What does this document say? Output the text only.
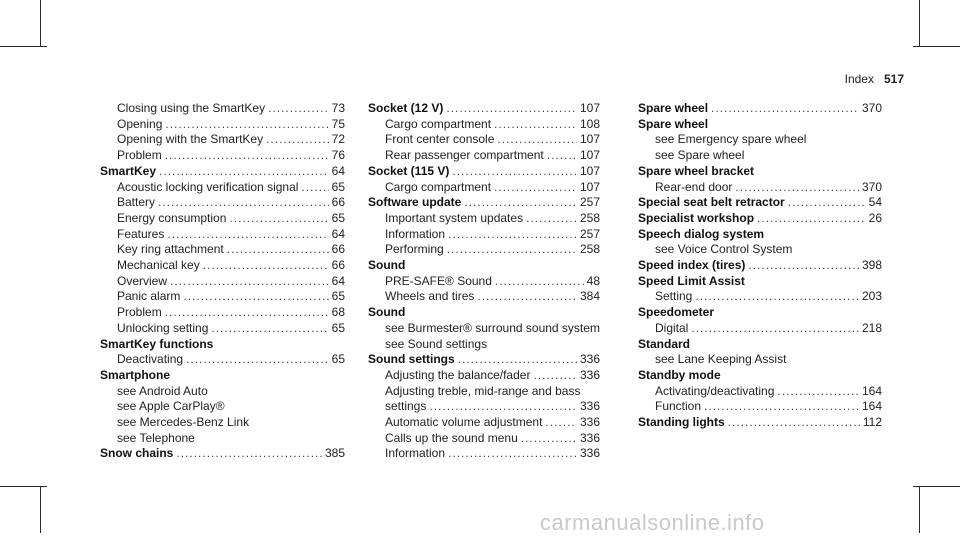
Index 517
Closing using the SmartKey .....	73
Opening .....	75
Opening with the SmartKey .....	72
Problem .....	76
SmartKey .....	64
Acoustic locking verification signal .....	65
Battery .....	66
Energy consumption .....	65
Features .....	64
Key ring attachment .....	66
Mechanical key .....	66
Overview .....	64
Panic alarm .....	65
Problem .....	68
Unlocking setting .....	65
SmartKey functions
Deactivating .....	65
Smartphone
see Android Auto
see Apple CarPlay®
see Mercedes-Benz Link
see Telephone
Snow chains .....	385
Socket (12 V) .....	107
Cargo compartment .....	108
Front center console .....	107
Rear passenger compartment .....	107
Socket (115 V) .....	107
Cargo compartment .....	107
Software update .....	257
Important system updates .....	258
Information .....	257
Performing .....	258
Sound
PRE-SAFE® Sound .....	48
Wheels and tires .....	384
Sound
see Burmester® surround sound system
see Sound settings
Sound settings .....	336
Adjusting the balance/fader .....	336
Adjusting treble, mid-range and bass
settings .....	336
Automatic volume adjustment .....	336
Calls up the sound menu .....	336
Information .....	336
Spare wheel .....	370
Spare wheel
see Emergency spare wheel
see Spare wheel
Spare wheel bracket
Rear-end door .....	370
Special seat belt retractor .....	54
Specialist workshop .....	26
Speech dialog system
see Voice Control System
Speed index (tires) .....	398
Speed Limit Assist
Setting .....	203
Speedometer
Digital .....	218
Standard
see Lane Keeping Assist
Standby mode
Activating/deactivating .....	164
Function .....	164
Standing lights .....	112
carmanualsonline.info
